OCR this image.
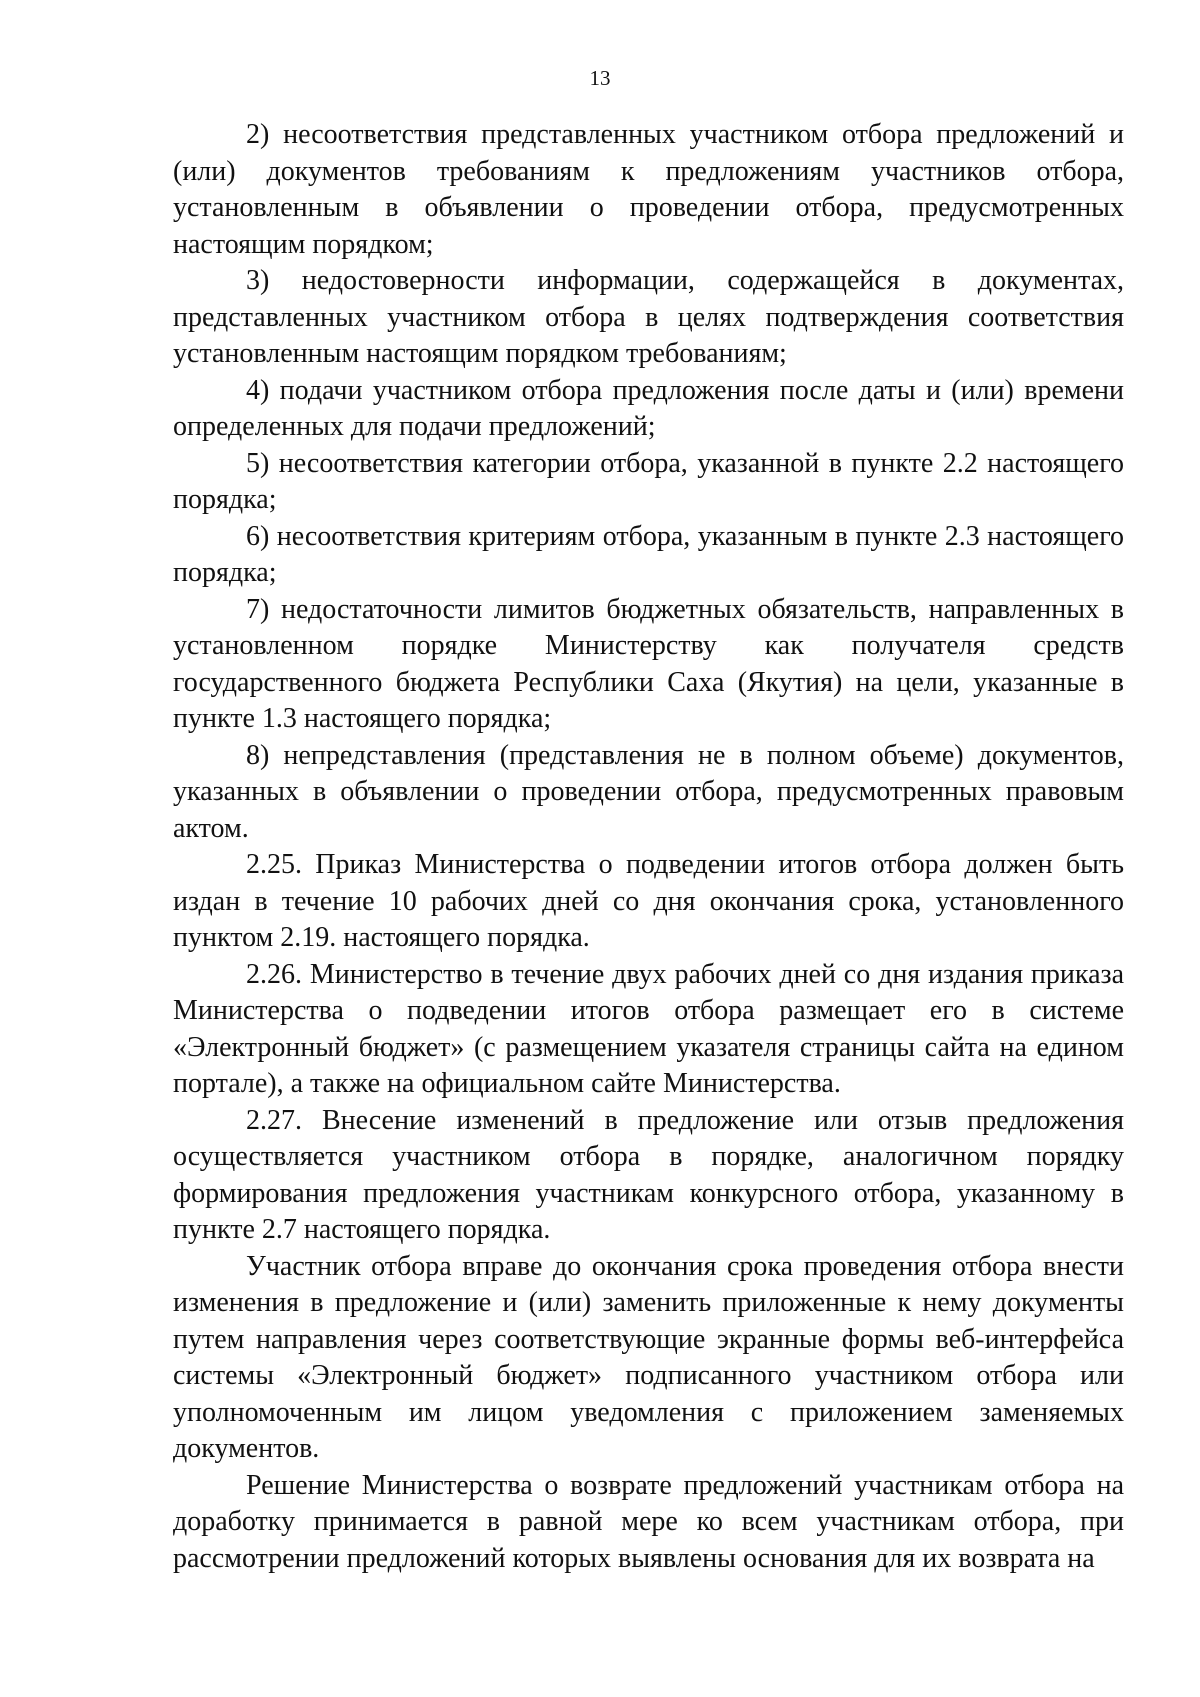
13

2) несоответствия представленных участником отбора предложений и (или) документов требованиям к предложениям участников отбора, установленным в объявлении о проведении отбора, предусмотренных настоящим порядком;

3) недостоверности информации, содержащейся в документах, представленных участником отбора в целях подтверждения соответствия установленным настоящим порядком требованиям;

4) подачи участником отбора предложения после даты и (или) времени определенных для подачи предложений;

5) несоответствия категории отбора, указанной в пункте 2.2 настоящего порядка;

6) несоответствия критериям отбора, указанным в пункте 2.3 настоящего порядка;

7) недостаточности лимитов бюджетных обязательств, направленных в установленном порядке Министерству как получателя средств государственного бюджета Республики Саха (Якутия) на цели, указанные в пункте 1.3 настоящего порядка;

8) непредставления (представления не в полном объеме) документов, указанных в объявлении о проведении отбора, предусмотренных правовым актом.

2.25. Приказ Министерства о подведении итогов отбора должен быть издан в течение 10 рабочих дней со дня окончания срока, установленного пунктом 2.19. настоящего порядка.

2.26. Министерство в течение двух рабочих дней со дня издания приказа Министерства о подведении итогов отбора размещает его в системе «Электронный бюджет» (с размещением указателя страницы сайта на едином портале), а также на официальном сайте Министерства.

2.27. Внесение изменений в предложение или отзыв предложения осуществляется участником отбора в порядке, аналогичном порядку формирования предложения участникам конкурсного отбора, указанному в пункте 2.7 настоящего порядка.

Участник отбора вправе до окончания срока проведения отбора внести изменения в предложение и (или) заменить приложенные к нему документы путем направления через соответствующие экранные формы веб-интерфейса системы «Электронный бюджет» подписанного участником отбора или уполномоченным им лицом уведомления с приложением заменяемых документов.

Решение Министерства о возврате предложений участникам отбора на доработку принимается в равной мере ко всем участникам отбора, при рассмотрении предложений которых выявлены основания для их возврата на
